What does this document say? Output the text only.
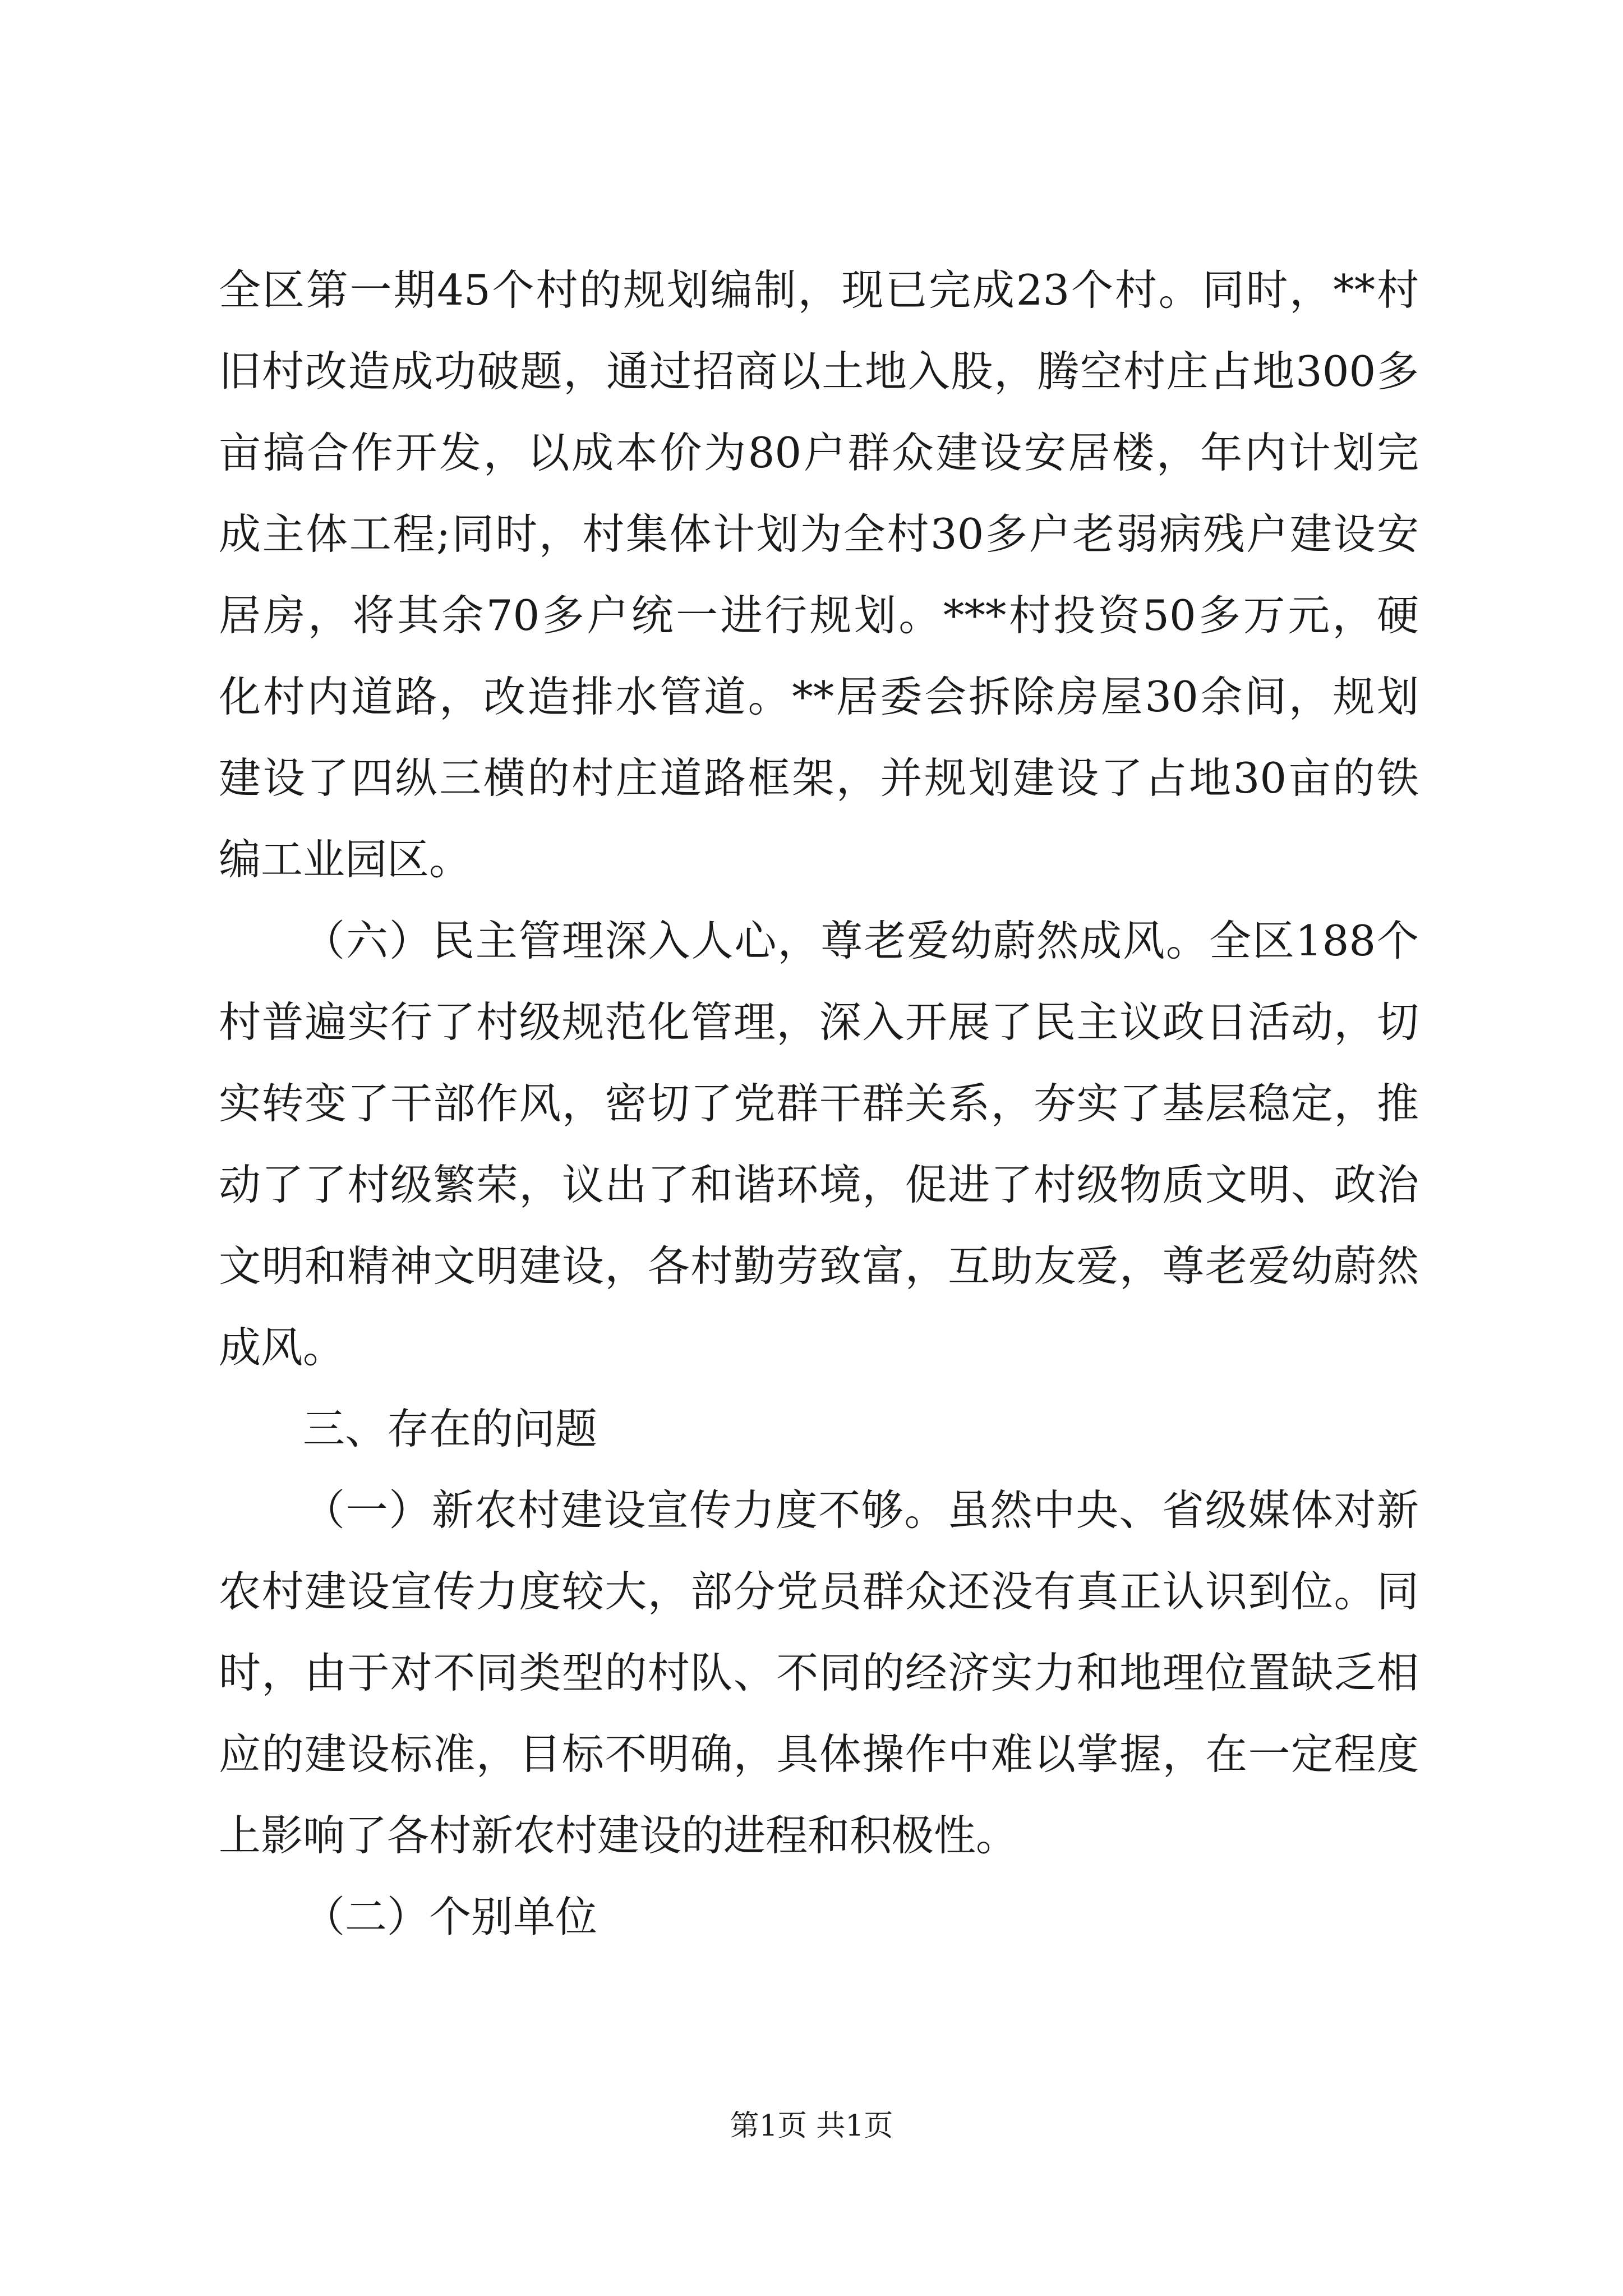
全区第一期45个村的规划编制，现已完成23个村。同时，**村
旧村改造成功破题，通过招商以土地入股，腾空村庄占地300多
亩搞合作开发，以成本价为80户群众建设安居楼，年内计划完
成主体工程;同时，村集体计划为全村30多户老弱病残户建设安
居房，将其余70多户统一进行规划。***村投资50多万元，硬
化村内道路，改造排水管道。**居委会拆除房屋30余间，规划
建设了四纵三横的村庄道路框架，并规划建设了占地30亩的铁
编工业园区。
（六）民主管理深入人心，尊老爱幼蔚然成风。全区188个
村普遍实行了村级规范化管理，深入开展了民主议政日活动，切
实转变了干部作风，密切了党群干群关系，夯实了基层稳定，推
动了了村级繁荣，议出了和谐环境，促进了村级物质文明、政治
文明和精神文明建设，各村勤劳致富，互助友爱，尊老爱幼蔚然
成风。
三、存在的问题
（一）新农村建设宣传力度不够。虽然中央、省级媒体对新
农村建设宣传力度较大，部分党员群众还没有真正认识到位。同
时，由于对不同类型的村队、不同的经济实力和地理位置缺乏相
应的建设标准，目标不明确，具体操作中难以掌握，在一定程度
上影响了各村新农村建设的进程和积极性。
（二）个别单位
第1页 共1页
